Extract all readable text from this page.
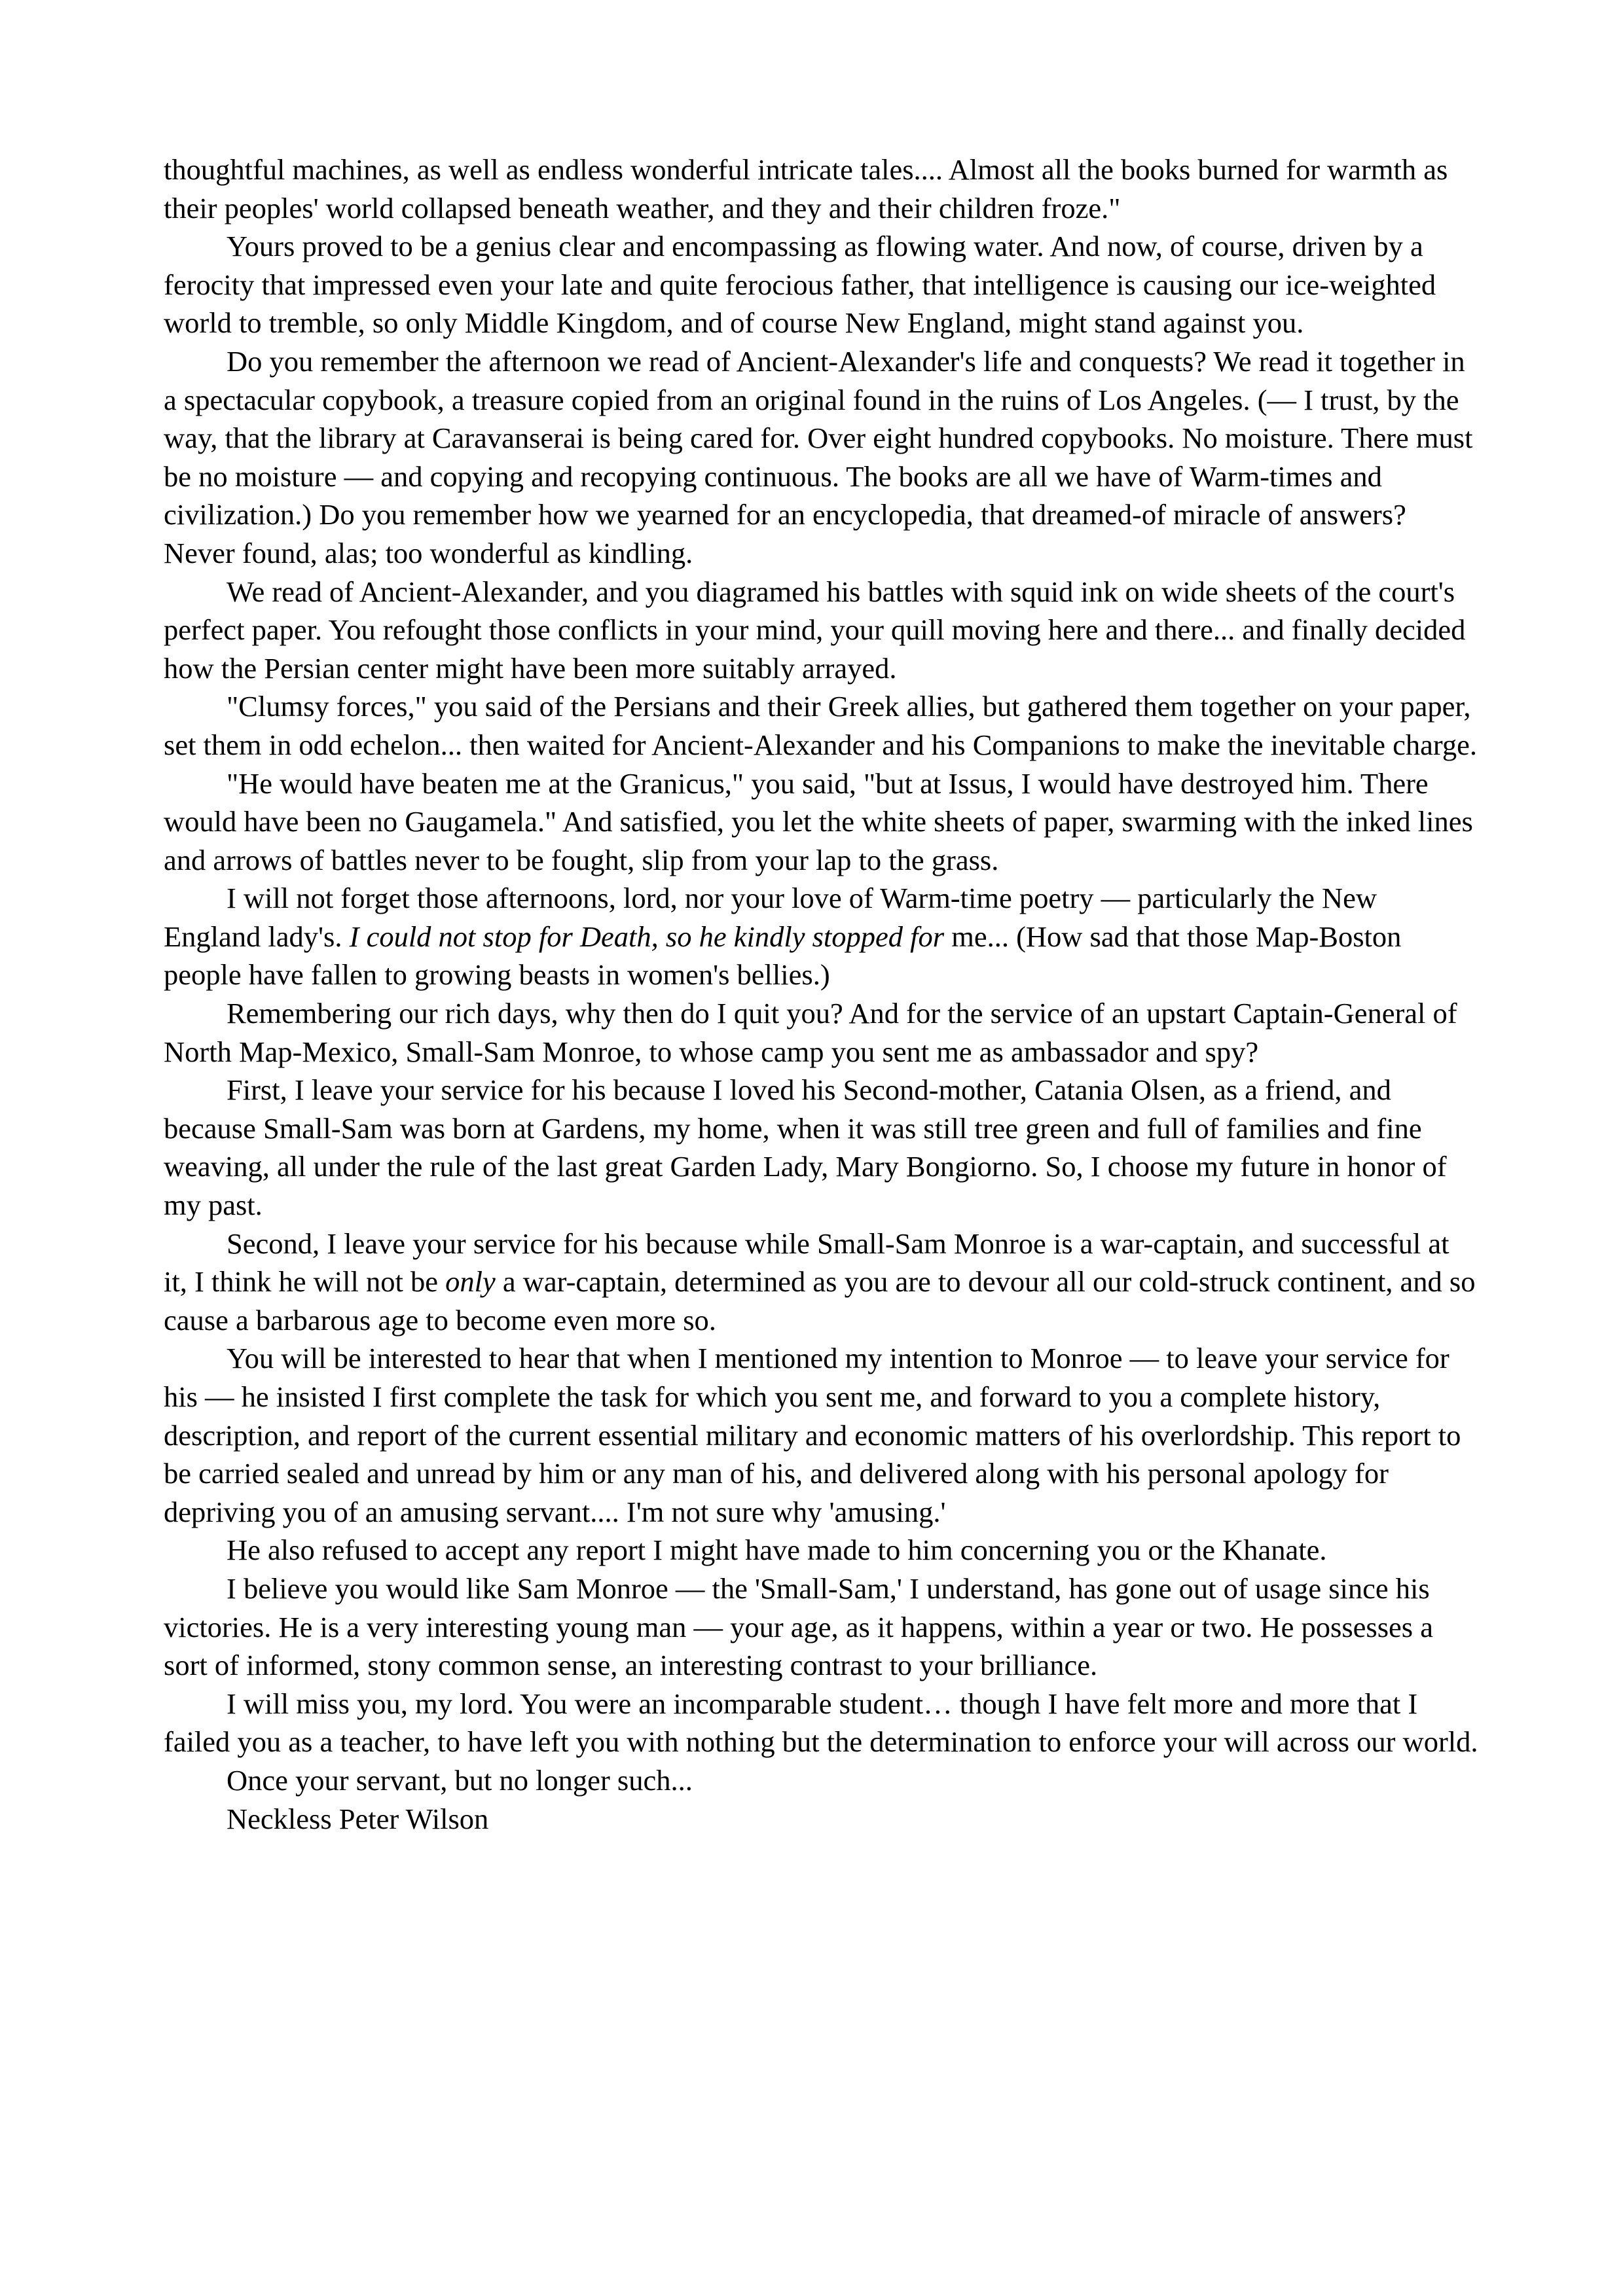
thoughtful machines, as well as endless wonderful intricate tales.... Almost all the books burned for warmth as their peoples' world collapsed beneath weather, and they and their children froze."

Yours proved to be a genius clear and encompassing as flowing water. And now, of course, driven by a ferocity that impressed even your late and quite ferocious father, that intelligence is causing our ice-weighted world to tremble, so only Middle Kingdom, and of course New England, might stand against you.

Do you remember the afternoon we read of Ancient-Alexander's life and conquests? We read it together in a spectacular copybook, a treasure copied from an original found in the ruins of Los Angeles. (— I trust, by the way, that the library at Caravanserai is being cared for. Over eight hundred copybooks. No moisture. There must be no moisture — and copying and recopying continuous. The books are all we have of Warm-times and civilization.) Do you remember how we yearned for an encyclopedia, that dreamed-of miracle of answers? Never found, alas; too wonderful as kindling.

We read of Ancient-Alexander, and you diagramed his battles with squid ink on wide sheets of the court's perfect paper. You refought those conflicts in your mind, your quill moving here and there... and finally decided how the Persian center might have been more suitably arrayed.

"Clumsy forces," you said of the Persians and their Greek allies, but gathered them together on your paper, set them in odd echelon... then waited for Ancient-Alexander and his Companions to make the inevitable charge.

"He would have beaten me at the Granicus," you said, "but at Issus, I would have destroyed him. There would have been no Gaugamela." And satisfied, you let the white sheets of paper, swarming with the inked lines and arrows of battles never to be fought, slip from your lap to the grass.

I will not forget those afternoons, lord, nor your love of Warm-time poetry — particularly the New England lady's. I could not stop for Death, so he kindly stopped for me... (How sad that those Map-Boston people have fallen to growing beasts in women's bellies.)

Remembering our rich days, why then do I quit you? And for the service of an upstart Captain-General of North Map-Mexico, Small-Sam Monroe, to whose camp you sent me as ambassador and spy?

First, I leave your service for his because I loved his Second-mother, Catania Olsen, as a friend, and because Small-Sam was born at Gardens, my home, when it was still tree green and full of families and fine weaving, all under the rule of the last great Garden Lady, Mary Bongiorno. So, I choose my future in honor of my past.

Second, I leave your service for his because while Small-Sam Monroe is a war-captain, and successful at it, I think he will not be only a war-captain, determined as you are to devour all our cold-struck continent, and so cause a barbarous age to become even more so.

You will be interested to hear that when I mentioned my intention to Monroe — to leave your service for his — he insisted I first complete the task for which you sent me, and forward to you a complete history, description, and report of the current essential military and economic matters of his overlordship. This report to be carried sealed and unread by him or any man of his, and delivered along with his personal apology for depriving you of an amusing servant.... I'm not sure why 'amusing.'

He also refused to accept any report I might have made to him concerning you or the Khanate.

I believe you would like Sam Monroe — the 'Small-Sam,' I understand, has gone out of usage since his victories. He is a very interesting young man — your age, as it happens, within a year or two. He possesses a sort of informed, stony common sense, an interesting contrast to your brilliance.

I will miss you, my lord. You were an incomparable student… though I have felt more and more that I failed you as a teacher, to have left you with nothing but the determination to enforce your will across our world.

Once your servant, but no longer such...

Neckless Peter Wilson
